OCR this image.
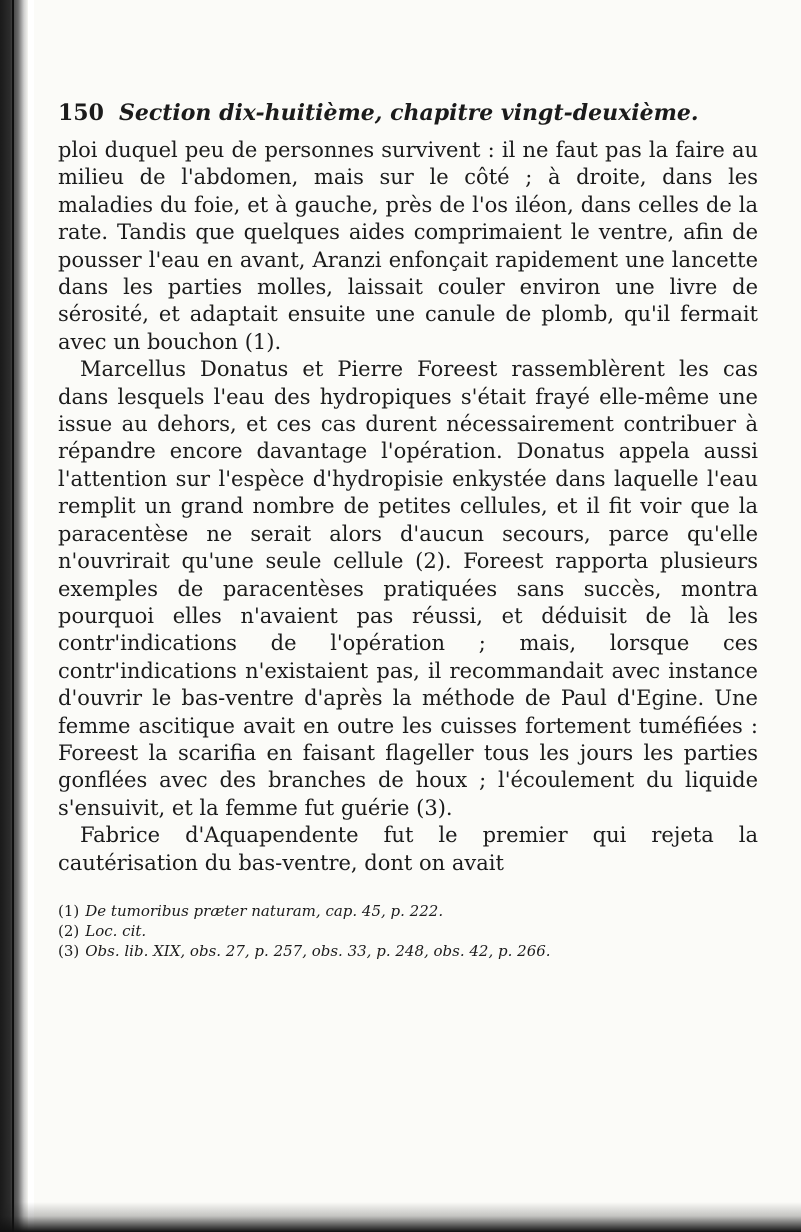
150 Section dix-huitième, chapitre vingt-deuxième.

ploi duquel peu de personnes survivent : il ne faut pas la faire au milieu de l'abdomen, mais sur le côté ; à droite, dans les maladies du foie, et à gauche, près de l'os iléon, dans celles de la rate. Tandis que quelques aides comprimaient le ventre, afin de pousser l'eau en avant, Aranzi enfonçait rapidement une lancette dans les parties molles, laissait couler environ une livre de sérosité, et adaptait ensuite une canule de plomb, qu'il fermait avec un bouchon (1).

Marcellus Donatus et Pierre Foreest rassemblèrent les cas dans lesquels l'eau des hydropiques s'était frayé elle-même une issue au dehors, et ces cas durent nécessairement contribuer à répandre encore davantage l'opération. Donatus appela aussi l'attention sur l'espèce d'hydropisie enkystée dans laquelle l'eau remplit un grand nombre de petites cellules, et il fit voir que la paracentèse ne serait alors d'aucun secours, parce qu'elle n'ouvrirait qu'une seule cellule (2). Foreest rapporta plusieurs exemples de paracentèses pratiquées sans succès, montra pourquoi elles n'avaient pas réussi, et déduisit de là les contr'indications de l'opération ; mais, lorsque ces contr'indications n'existaient pas, il recommandait avec instance d'ouvrir le bas-ventre d'après la méthode de Paul d'Egine. Une femme ascitique avait en outre les cuisses fortement tuméfiées : Foreest la scarifia en faisant flageller tous les jours les parties gonflées avec des branches de houx ; l'écoulement du liquide s'ensuivit, et la femme fut guérie (3).

Fabrice d'Aquapendente fut le premier qui rejeta la cautérisation du bas-ventre, dont on avait

(1) De tumoribus præter naturam, cap. 45, p. 222.

(2) Loc. cit.

(3) Obs. lib. XIX, obs. 27, p. 257, obs. 33, p. 248, obs. 42, p. 266.
